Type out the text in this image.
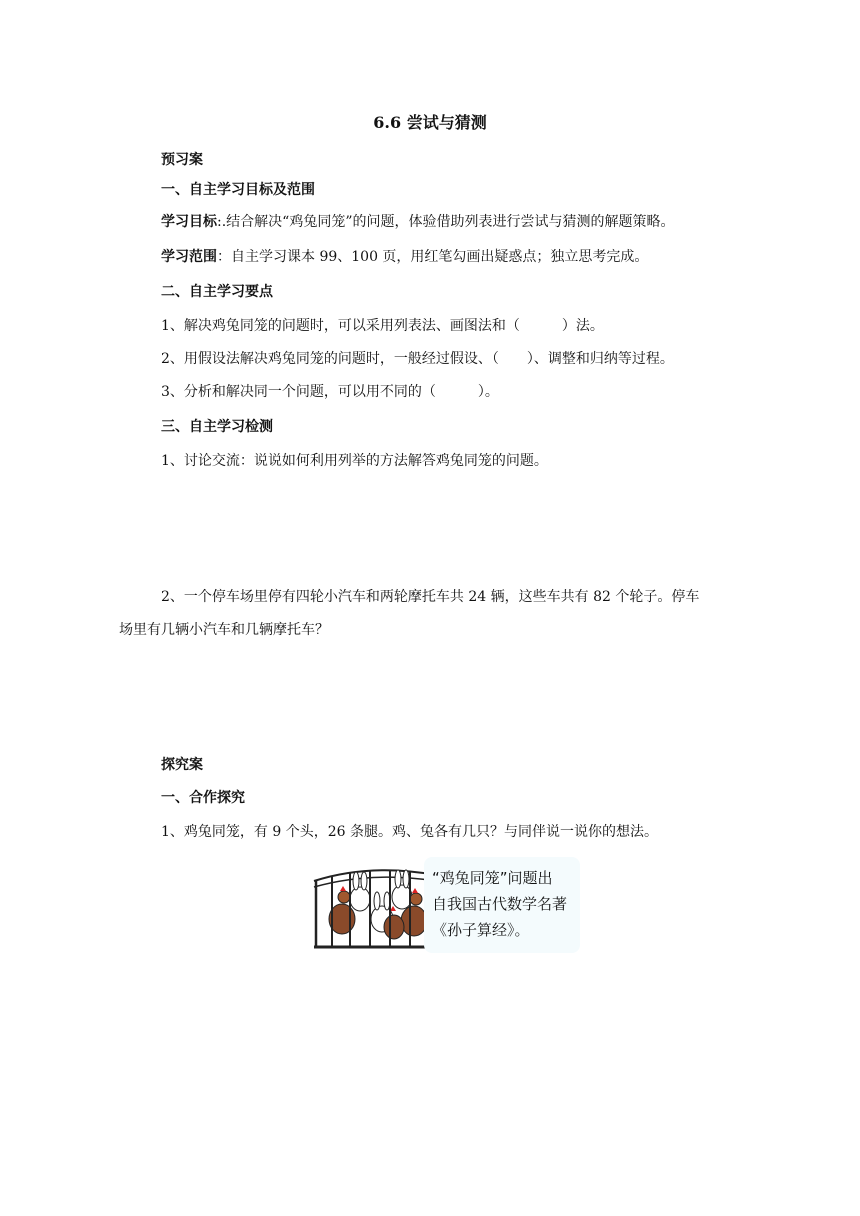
6.6 尝试与猜测
预习案
一、自主学习目标及范围
学习目标:.结合解决“鸡兔同笼”的问题，体验借助列表进行尝试与猜测的解题策略。
学习范围：自主学习课本 99、100 页，用红笔勾画出疑惑点；独立思考完成。
二、自主学习要点
1、解决鸡兔同笼的问题时，可以采用列表法、画图法和（　　　）法。
2、用假设法解决鸡兔同笼的问题时，一般经过假设、（　　）、调整和归纳等过程。
3、分析和解决同一个问题，可以用不同的（　　　）。
三、自主学习检测
1、讨论交流：说说如何利用列举的方法解答鸡兔同笼的问题。
2、一个停车场里停有四轮小汽车和两轮摩托车共 24 辆，这些车共有 82 个轮子。停车
场里有几辆小汽车和几辆摩托车？
探究案
一、合作探究
1、鸡兔同笼，有 9 个头，26 条腿。鸡、兔各有几只？与同伴说一说你的想法。
“鸡兔同笼”问题出
自我国古代数学名著
《孙子算经》。
